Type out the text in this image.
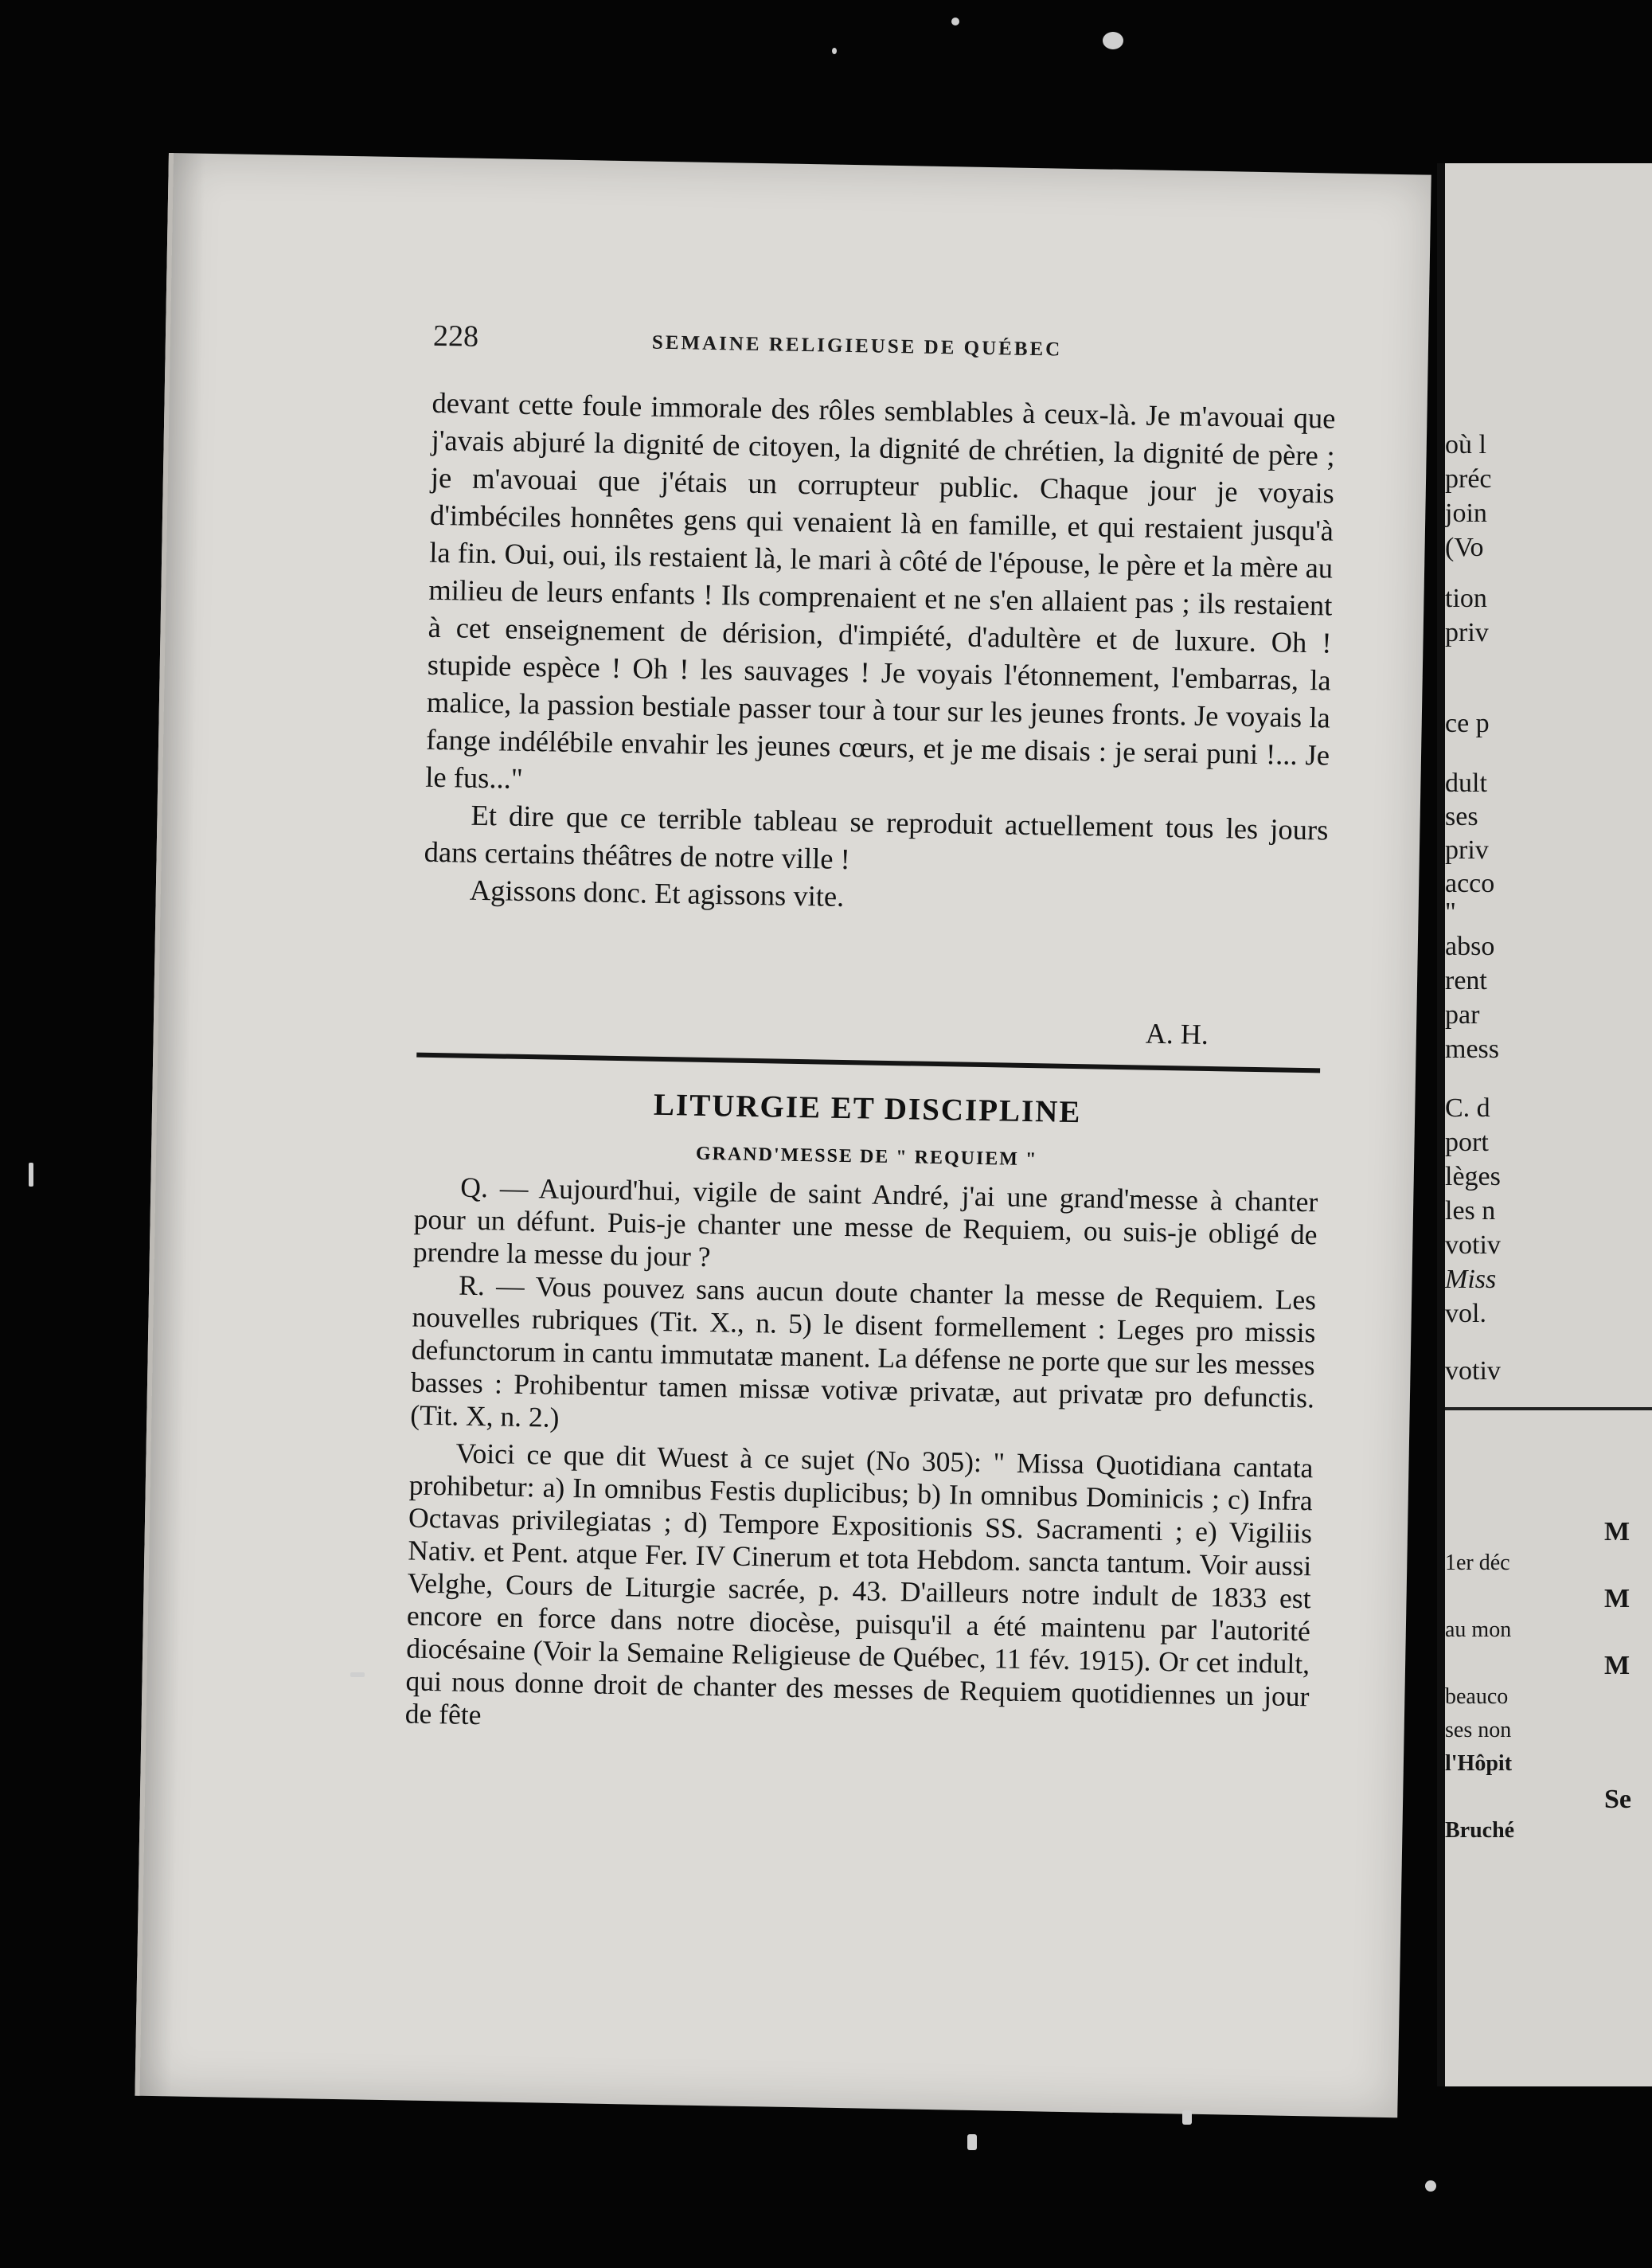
228	SEMAINE RELIGIEUSE DE QUÉBEC

devant cette foule immorale des rôles semblables à ceux-là. Je m'avouai que j'avais abjuré la dignité de citoyen, la dignité de chrétien, la dignité de père ; je m'avouai que j'étais un corrupteur public. Chaque jour je voyais d'imbéciles honnêtes gens qui venaient là en famille, et qui restaient jusqu'à la fin. Oui, oui, ils restaient là, le mari à côté de l'épouse, le père et la mère au milieu de leurs enfants ! Ils comprenaient et ne s'en allaient pas ; ils restaient à cet enseignement de dérision, d'impiété, d'adultère et de luxure. Oh ! stupide espèce ! Oh ! les sauvages ! Je voyais l'étonnement, l'embarras, la malice, la passion bestiale passer tour à tour sur les jeunes fronts. Je voyais la fange indélébile envahir les jeunes cœurs, et je me disais : je serai puni !... Je le fus..."

Et dire que ce terrible tableau se reproduit actuellement tous les jours dans certains théâtres de notre ville !

Agissons donc. Et agissons vite.

A. H.
LITURGIE ET DISCIPLINE
GRAND'MESSE DE " REQUIEM "

Q. — Aujourd'hui, vigile de saint André, j'ai une grand'messe à chanter pour un défunt. Puis-je chanter une messe de Requiem, ou suis-je obligé de prendre la messe du jour ?

R. — Vous pouvez sans aucun doute chanter la messe de Requiem. Les nouvelles rubriques (Tit. X., n. 5) le disent formellement : Leges pro missis defunctorum in cantu immutatæ manent. La défense ne porte que sur les messes basses : Prohibentur tamen missæ votivæ privatæ, aut privatæ pro defunctis. (Tit. X, n. 2.)

Voici ce que dit Wuest à ce sujet (No 305): " Missa Quotidiana cantata prohibetur: a) In omnibus Festis duplicibus; b) In omnibus Dominicis ; c) Infra Octavas privilegiatas ; d) Tempore Expositionis SS. Sacramenti ; e) Vigiliis Nativ. et Pent. atque Fer. IV Cinerum et tota Hebdom. sancta tantum. Voir aussi Velghe, Cours de Liturgie sacrée, p. 43. D'ailleurs notre indult de 1833 est encore en force dans notre diocèse, puisqu'il a été maintenu par l'autorité diocésaine (Voir la Semaine Religieuse de Québec, 11 fév. 1915). Or cet indult, qui nous donne droit de chanter des messes de Requiem quotidiennes un jour de fête

où l
préc
join
(Vo
tion
priv
ce p
dult
ses
priv
acco
"
abso
rent
par
mess
C. d
port
lèges
les n
votiv
Miss
vol.
votiv
M
1er déc
M
au mon
M
beauco
ses non
l'Hôpit
Se
Bruché
